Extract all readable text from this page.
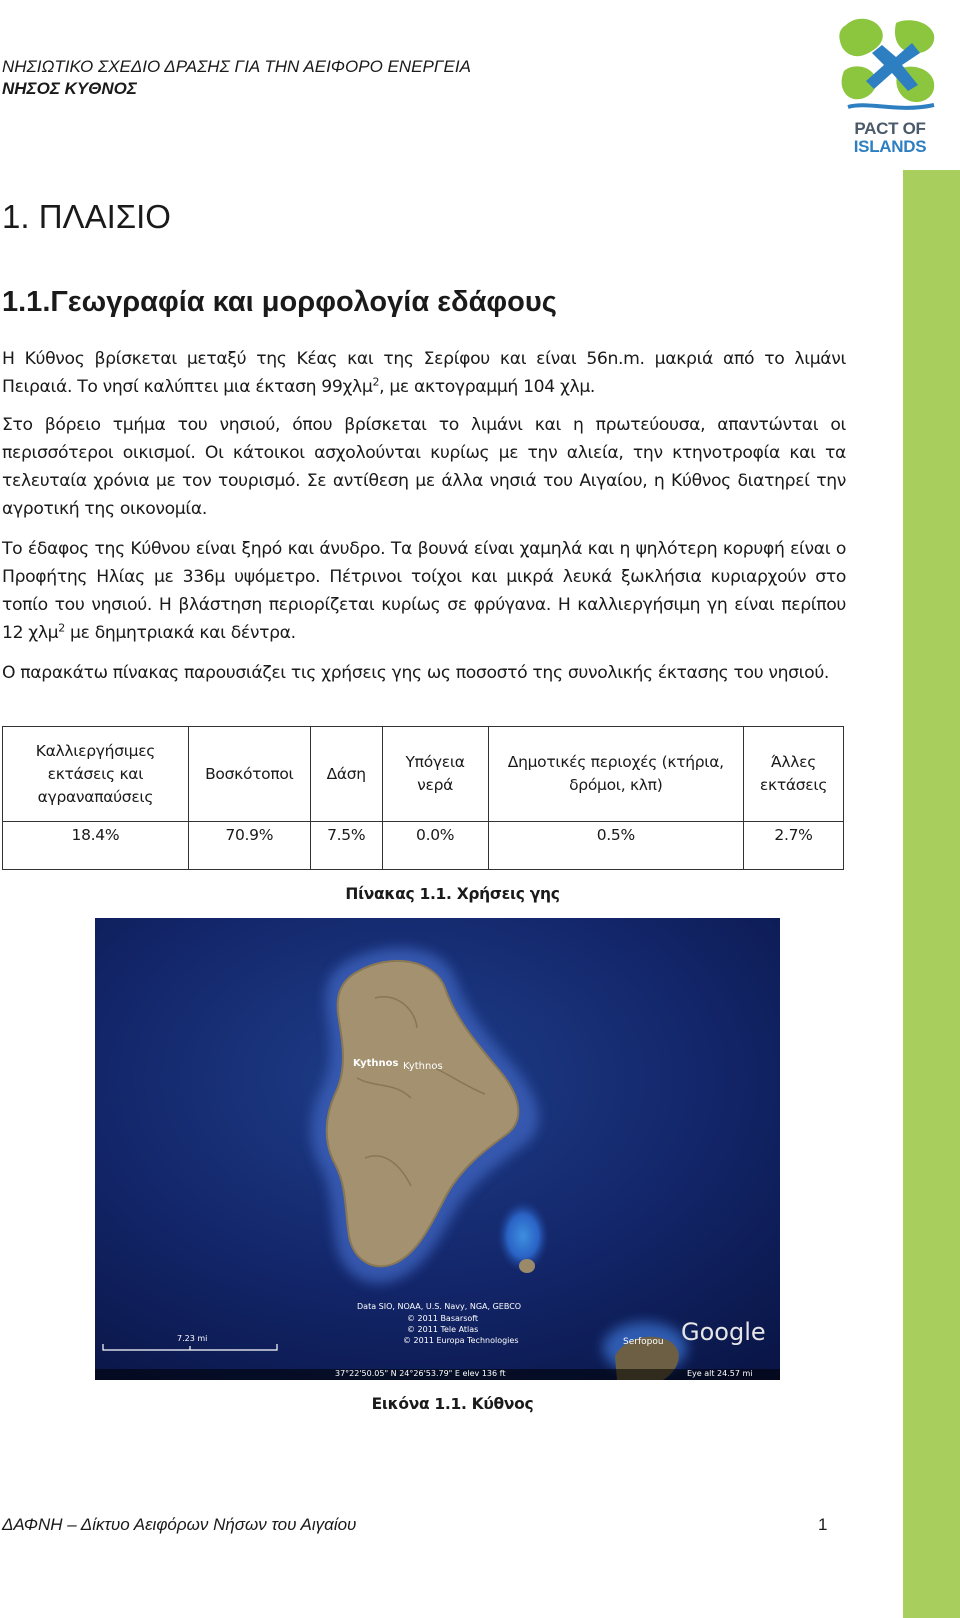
PACT OF
ISLANDS
ΝΗΣΙΩΤΙΚΟ ΣΧΕΔΙΟ ΔΡΑΣΗΣ ΓΙΑ ΤΗΝ ΑΕΙΦΟΡΟ ΕΝΕΡΓΕΙΑ
ΝΗΣΟΣ ΚΥΘΝΟΣ
1. ΠΛΑΙΣΙΟ
1.1.Γεωγραφία και μορφολογία εδάφους

Η Κύθνος βρίσκεται μεταξύ της Κέας και της Σερίφου και είναι 56n.m. μακριά από το λιμάνι Πειραιά. Το νησί καλύπτει μια έκταση 99χλμ$^2$, με ακτογραμμή 104 χλμ.

Στο βόρειο τμήμα του νησιού, όπου βρίσκεται το λιμάνι και η πρωτεύουσα, απαντώνται οι περισσότεροι οικισμοί. Οι κάτοικοι ασχολούνται κυρίως με την αλιεία, την κτηνοτροφία και τα τελευταία χρόνια με τον τουρισμό. Σε αντίθεση με άλλα νησιά του Αιγαίου, η Κύθνος διατηρεί την αγροτική της οικονομία.

Το έδαφος της Κύθνου είναι ξηρό και άνυδρο. Τα βουνά είναι χαμηλά και η ψηλότερη κορυφή είναι ο Προφήτης Ηλίας με 336μ υψόμετρο. Πέτρινοι τοίχοι και μικρά λευκά ξωκλήσια κυριαρχούν στο τοπίο του νησιού. Η βλάστηση περιορίζεται κυρίως σε φρύγανα. Η καλλιεργήσιμη γη είναι περίπου 12 χλμ$^2$ με δημητριακά και δέντρα.

Ο παρακάτω πίνακας παρουσιάζει τις χρήσεις γης ως ποσοστό της συνολικής έκτασης του νησιού.

Καλλιεργήσιμες εκτάσεις και αγραναπαύσεις	Βοσκότοποι	Δάση	Υπόγεια νερά	Δημοτικές περιοχές (κτήρια, δρόμοι, κλπ)	Άλλες εκτάσεις
18.4%	70.9%	7.5%	0.0%	0.5%	2.7%
Πίνακας 1.1. Χρήσεις γης
Kythnos Kythnos
Serfopou
Data SIO, NOAA, U.S. Navy, NGA, GEBCO
© 2011 Basarsoft
© 2011 Tele Atlas
© 2011 Europa Technologies	Google
7.23 mi
37°22'50.05" N 24°26'53.79" E elev 136 ft	Eye alt 24.57 mi
Εικόνα 1.1. Κύθνος
ΔΑΦΝΗ – Δίκτυο Αειφόρων Νήσων του Αιγαίου	1
